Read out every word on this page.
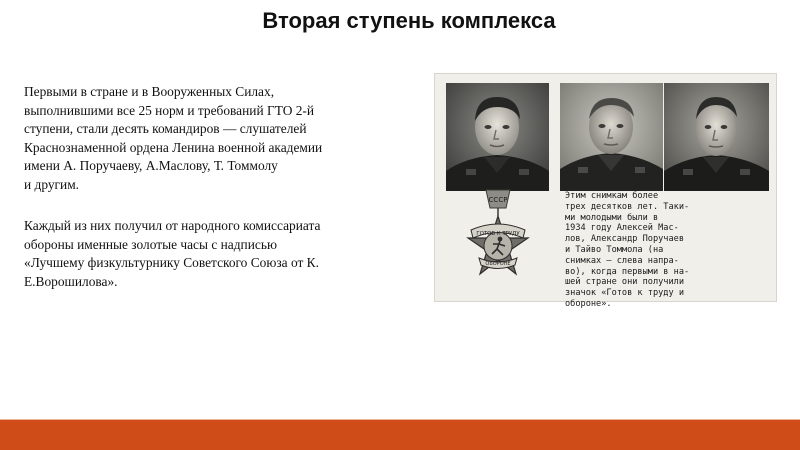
Вторая ступень комплекса
Первыми в стране и в Вооруженных Силах,
выполнившими все 25 норм и требований ГТО 2-й
ступени, стали десять командиров — слушателей
Краснознаменной ордена Ленина военной академии
имени А. Поручаеву, А.Маслову, Т. Томмолу
и другим.
Каждый из них получил от народного комиссариата
обороны именные золотые часы с надписью
«Лучшему физкультурнику Советского Союза от К.
Е.Ворошилова».
СССР
ГОТОВ К ТРУДУ
ОБОРОНЕ
Этим снимкам более
трех десятков лет. Таки-
ми молодыми были в
1934 году Алексей Мас-
лов, Александр Поручаев
и Тайво Томмола (на
снимках — слева напра-
во), когда первыми в на-
шей стране они получили
значок «Готов к труду и
обороне».
